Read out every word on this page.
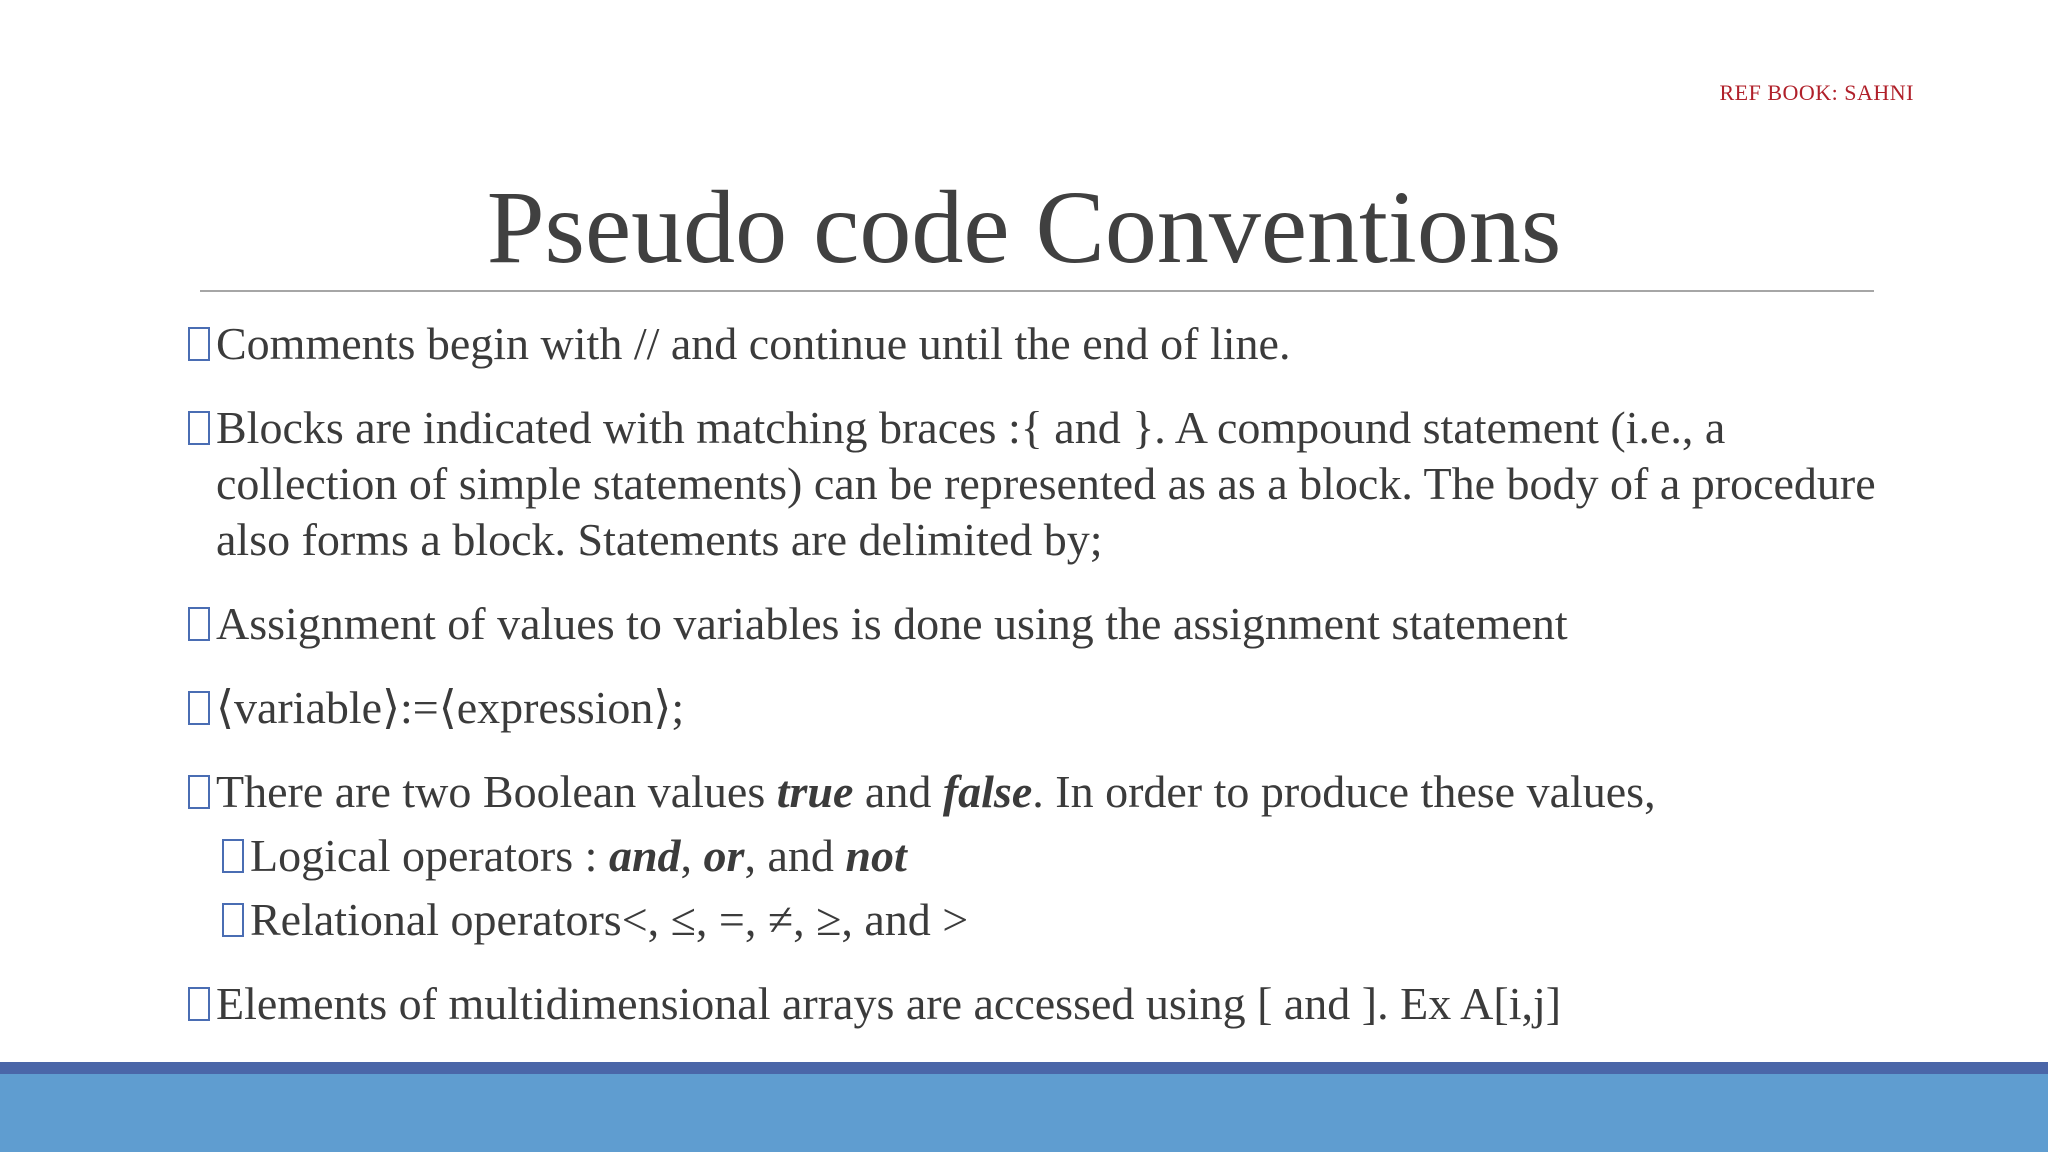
REF BOOK: SAHNI
Pseudo code Conventions
Comments begin with // and continue until the end of line.
Blocks are indicated with matching braces :{ and }. A compound statement (i.e., a collection of simple statements) can be represented as as a block. The body of a procedure also forms a block. Statements are delimited by;
Assignment of values to variables is done using the assignment statement
⟨variable⟩:=⟨expression⟩;
There are two Boolean values true and false. In order to produce these values,
Logical operators : and, or, and not
Relational operators<, ≤, =, ≠, ≥, and >
Elements of multidimensional arrays are accessed using [ and ]. Ex A[i,j]
